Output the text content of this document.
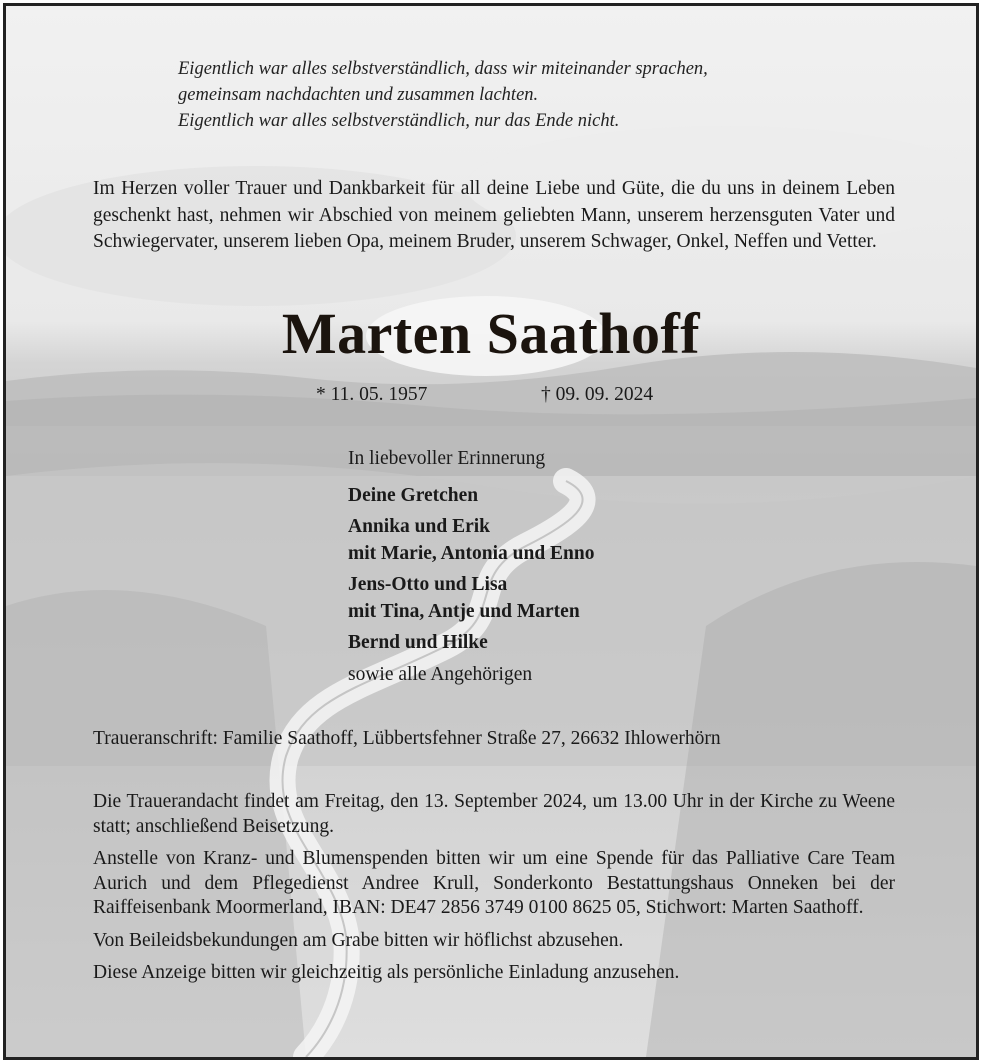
Eigentlich war alles selbstverständlich, dass wir miteinander sprachen,
gemeinsam nachdachten und zusammen lachten.
Eigentlich war alles selbstverständlich, nur das Ende nicht.
Im Herzen voller Trauer und Dankbarkeit für all deine Liebe und Güte, die du uns in deinem Leben geschenkt hast, nehmen wir Abschied von meinem geliebten Mann, unserem herzensguten Vater und Schwiegervater, unserem lieben Opa, meinem Bruder, unserem Schwager, Onkel, Neffen und Vetter.
Marten Saathoff
* 11. 05. 1957	† 09. 09. 2024
In liebevoller Erinnerung
Deine Gretchen
Annika und Erik
mit Marie, Antonia und Enno
Jens-Otto und Lisa
mit Tina, Antje und Marten
Bernd und Hilke
sowie alle Angehörigen
Traueranschrift: Familie Saathoff, Lübbertsfehner Straße 27, 26632 Ihlowerhörn

Die Trauerandacht findet am Freitag, den 13. September 2024, um 13.00 Uhr in der Kirche zu Weene statt; anschließend Beisetzung.

Anstelle von Kranz- und Blumenspenden bitten wir um eine Spende für das Palliative Care Team Aurich und dem Pflegedienst Andree Krull, Sonderkonto Bestattungshaus Onneken bei der Raiffeisenbank Moormerland, IBAN: DE47 2856 3749 0100 8625 05, Stichwort: Marten Saathoff.

Von Beileidsbekundungen am Grabe bitten wir höflichst abzusehen.

Diese Anzeige bitten wir gleichzeitig als persönliche Einladung anzusehen.
